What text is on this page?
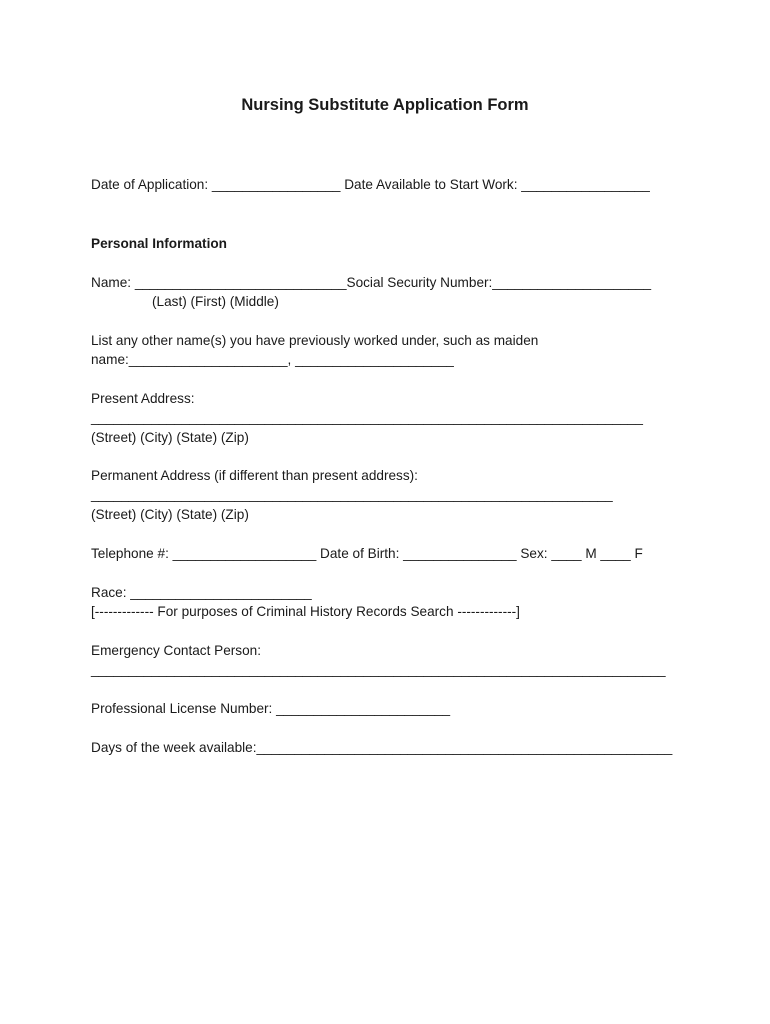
Nursing Substitute Application Form
Date of Application: _________________ Date Available to Start Work: _________________
Personal Information
Name: ____________________________Social Security Number:_____________________
(Last) (First) (Middle)
List any other name(s) you have previously worked under, such as maiden
name:_____________________, _____________________
Present Address:
_________________________________________________________________________
(Street) (City) (State) (Zip)
Permanent Address (if different than present address):
_____________________________________________________________________
(Street) (City) (State) (Zip)
Telephone #: ___________________ Date of Birth: _______________ Sex: ____ M ____ F
Race: ________________________
[------------- For purposes of Criminal History Records Search -------------]
Emergency Contact Person:
____________________________________________________________________________
Professional License Number: _______________________
Days of the week available:_______________________________________________________
